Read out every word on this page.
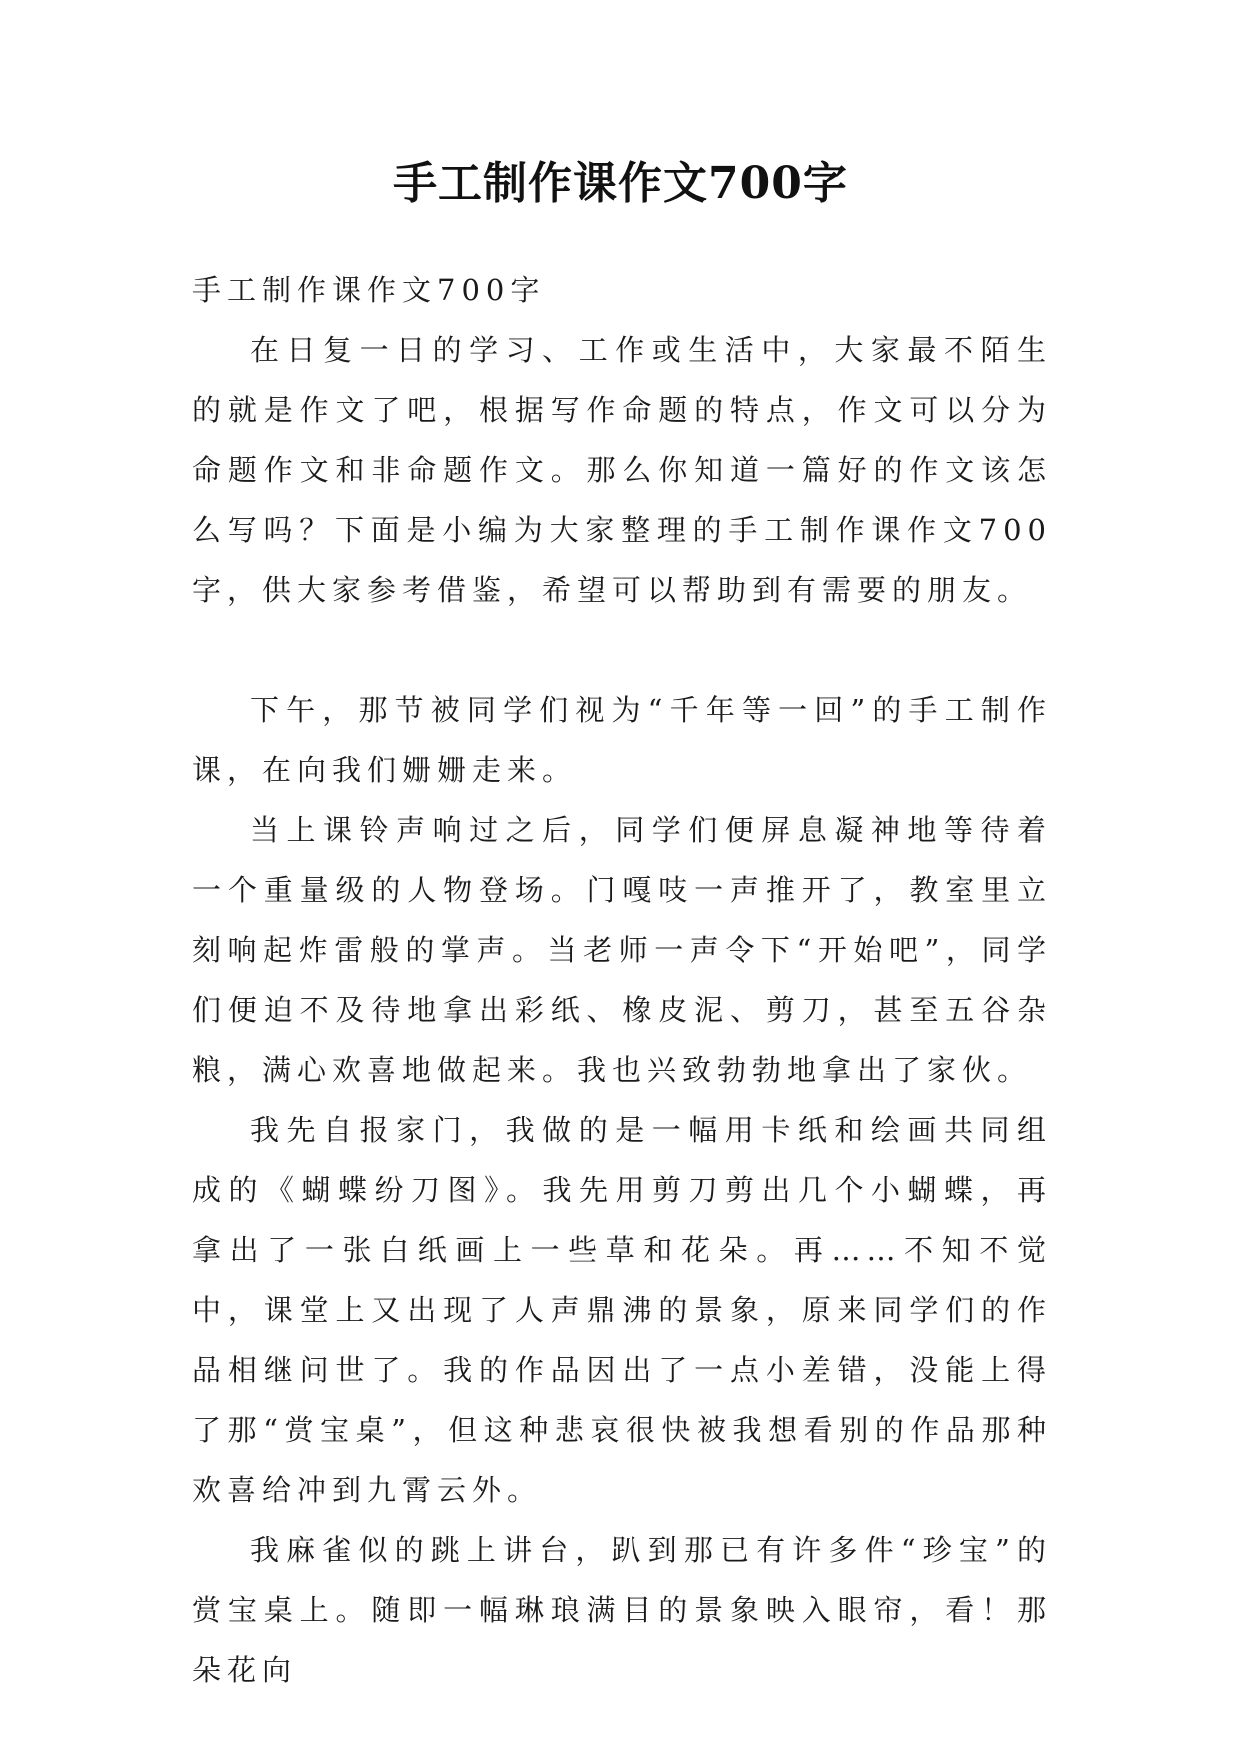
手工制作课作文700字

手工制作课作文700字

在日复一日的学习、工作或生活中，大家最不陌生的就是作文了吧，根据写作命题的特点，作文可以分为命题作文和非命题作文。那么你知道一篇好的作文该怎么写吗？下面是小编为大家整理的手工制作课作文700字，供大家参考借鉴，希望可以帮助到有需要的朋友。

下午，那节被同学们视为“千年等一回”的手工制作课，在向我们姗姗走来。

当上课铃声响过之后，同学们便屏息凝神地等待着一个重量级的人物登场。门嘎吱一声推开了，教室里立刻响起炸雷般的掌声。当老师一声令下“开始吧”，同学们便迫不及待地拿出彩纸、橡皮泥、剪刀，甚至五谷杂粮，满心欢喜地做起来。我也兴致勃勃地拿出了家伙。

我先自报家门，我做的是一幅用卡纸和绘画共同组成的《蝴蝶纷刀图》。我先用剪刀剪出几个小蝴蝶，再拿出了一张白纸画上一些草和花朵。再……不知不觉中，课堂上又出现了人声鼎沸的景象，原来同学们的作品相继问世了。我的作品因出了一点小差错，没能上得了那“赏宝桌”，但这种悲哀很快被我想看别的作品那种欢喜给冲到九霄云外。

我麻雀似的跳上讲台，趴到那已有许多件“珍宝”的赏宝桌上。随即一幅琳琅满目的景象映入眼帘，看！那朵花向
